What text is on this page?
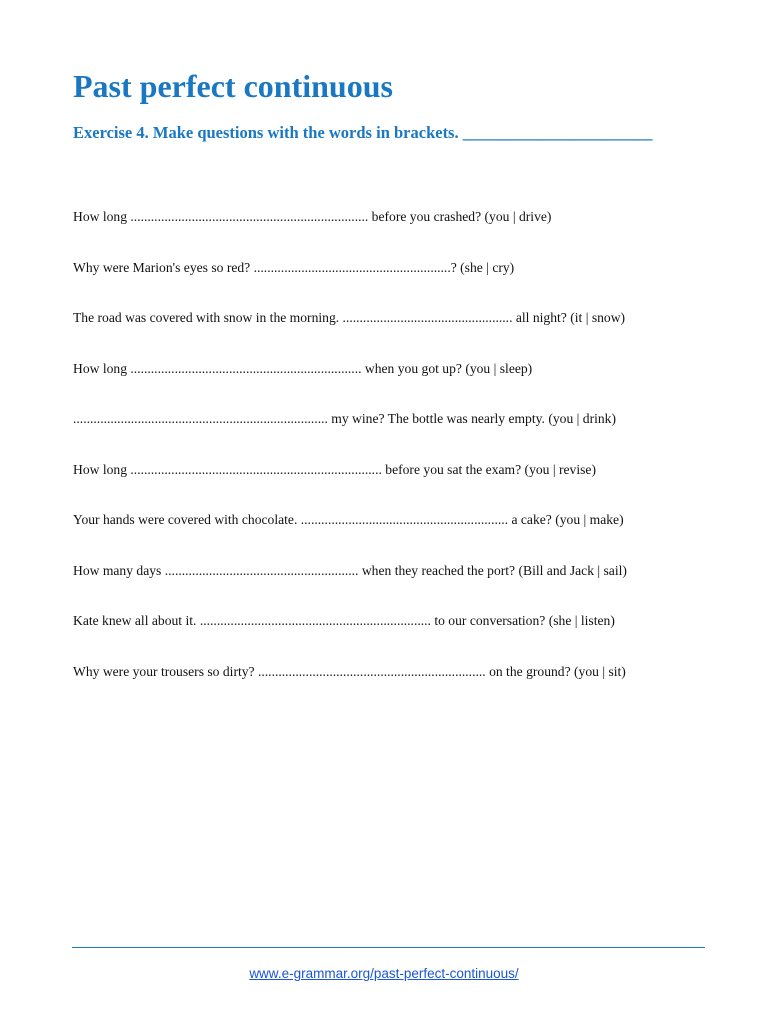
Past perfect continuous
Exercise 4. Make questions with the words in brackets. _______________________
How long ...................................................................... before you crashed? (you | drive)
Why were Marion's eyes so red? ..........................................................? (she | cry)
The road was covered with snow in the morning. .................................................. all night? (it | snow)
How long .................................................................... when you got up? (you | sleep)
........................................................................... my wine? The bottle was nearly empty. (you | drink)
How long .......................................................................... before you sat the exam? (you | revise)
Your hands were covered with chocolate. ............................................................. a cake? (you | make)
How many days ......................................................... when they reached the port? (Bill and Jack | sail)
Kate knew all about it. .................................................................... to our conversation? (she | listen)
Why were your trousers so dirty? ................................................................... on the ground? (you | sit)
www.e-grammar.org/past-perfect-continuous/
